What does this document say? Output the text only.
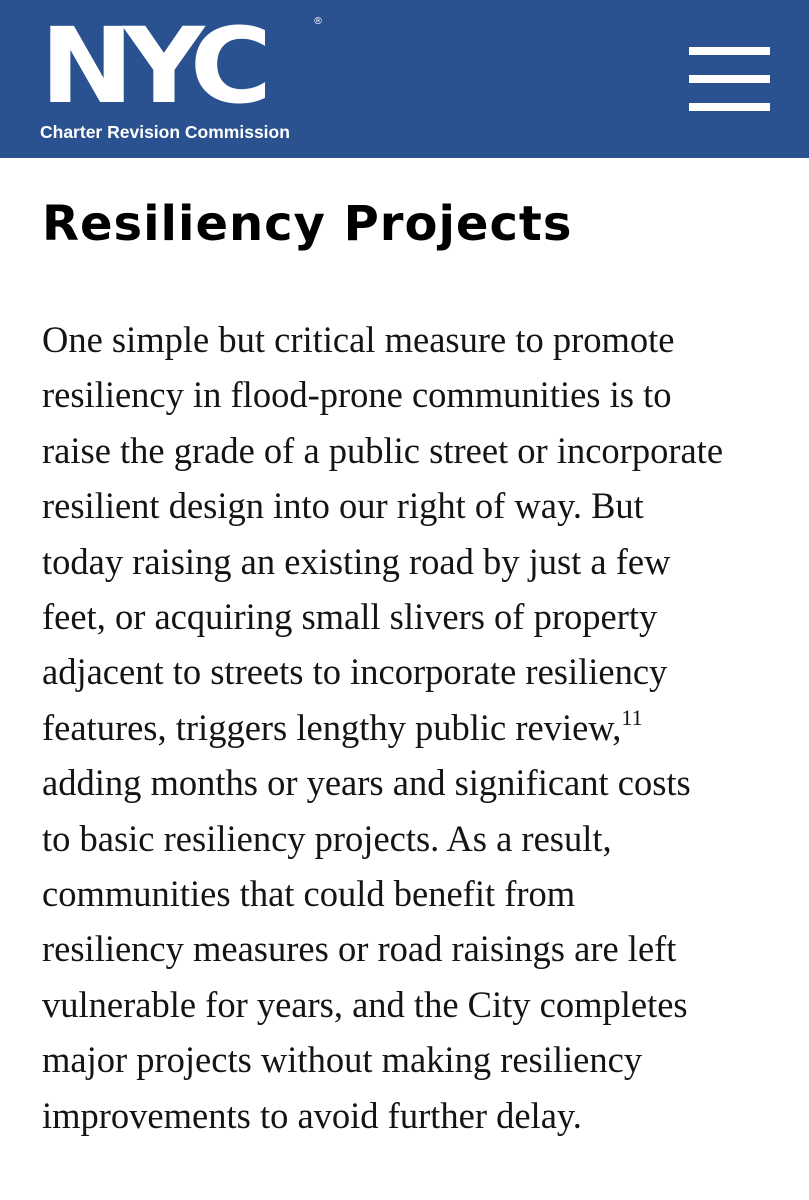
NYC	®
Charter Revision Commission
Resiliency Projects
One simple but critical measure to promote
resiliency in flood-prone communities is to
raise the grade of a public street or incorporate
resilient design into our right of way. But
today raising an existing road by just a few
feet, or acquiring small slivers of property
adjacent to streets to incorporate resiliency
features, triggers lengthy public review,$^{11}$
adding months or years and significant costs
to basic resiliency projects. As a result,
communities that could benefit from
resiliency measures or road raisings are left
vulnerable for years, and the City completes
major projects without making resiliency
improvements to avoid further delay.
